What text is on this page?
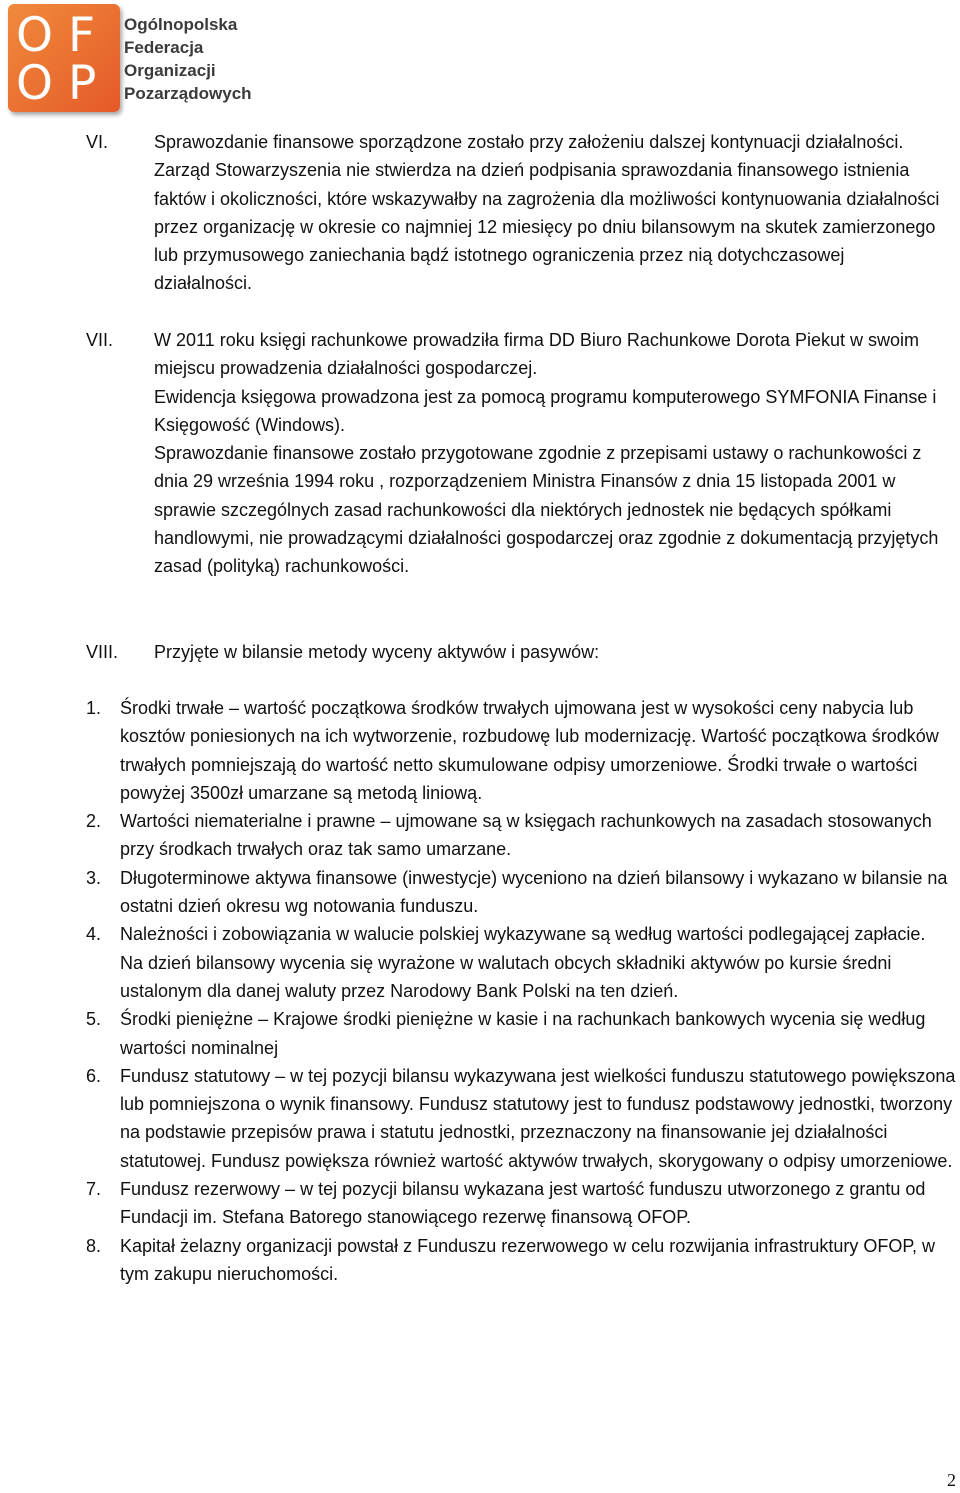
O F
O P
Ogólnopolska
Federacja
Organizacji
Pozarządowych
VI.	Sprawozdanie finansowe sporządzone zostało przy założeniu dalszej kontynuacji działalności. Zarząd Stowarzyszenia nie stwierdza na dzień podpisania sprawozdania finansowego istnienia faktów i okoliczności, które wskazywałby na zagrożenia dla możliwości kontynuowania działalności przez organizację w okresie co najmniej 12 miesięcy po dniu bilansowym na skutek zamierzonego lub przymusowego zaniechania bądź istotnego ograniczenia przez nią dotychczasowej działalności.

VII. W 2011 roku księgi rachunkowe prowadziła firma DD Biuro Rachunkowe Dorota Piekut w swoim miejscu prowadzenia działalności gospodarczej.

Ewidencja księgowa prowadzona jest za pomocą programu komputerowego SYMFONIA Finanse i Księgowość (Windows).

Sprawozdanie finansowe zostało przygotowane zgodnie z przepisami ustawy o rachunkowości z dnia 29 września 1994 roku , rozporządzeniem Ministra Finansów z dnia 15 listopada 2001 w sprawie szczególnych zasad rachunkowości dla niektórych jednostek nie będących spółkami handlowymi, nie prowadzącymi działalności gospodarczej oraz zgodnie z dokumentacją przyjętych zasad (polityką) rachunkowości.

VIII. Przyjęte w bilansie metody wyceny aktywów i pasywów:

1. Środki trwałe – wartość początkowa środków trwałych ujmowana jest w wysokości ceny nabycia lub kosztów poniesionych na ich wytworzenie, rozbudowę lub modernizację. Wartość początkowa środków trwałych pomniejszają do wartość netto skumulowane odpisy umorzeniowe. Środki trwałe o wartości powyżej 3500zł umarzane są metodą liniową.
2. Wartości niematerialne i prawne – ujmowane są w księgach rachunkowych na zasadach stosowanych przy środkach trwałych oraz tak samo umarzane.
3. Długoterminowe aktywa finansowe (inwestycje) wyceniono na dzień bilansowy i wykazano w bilansie na ostatni dzień okresu wg notowania funduszu.
4. Należności i zobowiązania w walucie polskiej wykazywane są według wartości podlegającej zapłacie.
Na dzień bilansowy wycenia się wyrażone w walutach obcych składniki aktywów po kursie średni ustalonym dla danej waluty przez Narodowy Bank Polski na ten dzień.
5. Środki pieniężne – Krajowe środki pieniężne w kasie i na rachunkach bankowych wycenia się według wartości nominalnej
6. Fundusz statutowy – w tej pozycji bilansu wykazywana jest wielkości funduszu statutowego powiększona lub pomniejszona o wynik finansowy. Fundusz statutowy jest to fundusz podstawowy jednostki, tworzony na podstawie przepisów prawa i statutu jednostki, przeznaczony na finansowanie jej działalności statutowej. Fundusz powiększa również wartość aktywów trwałych, skorygowany o odpisy umorzeniowe.
7. Fundusz rezerwowy – w tej pozycji bilansu wykazana jest wartość funduszu utworzonego z grantu od Fundacji im. Stefana Batorego stanowiącego rezerwę finansową OFOP.
8. Kapitał żelazny organizacji powstał z Funduszu rezerwowego w celu rozwijania infrastruktury OFOP, w tym zakupu nieruchomości.
2
